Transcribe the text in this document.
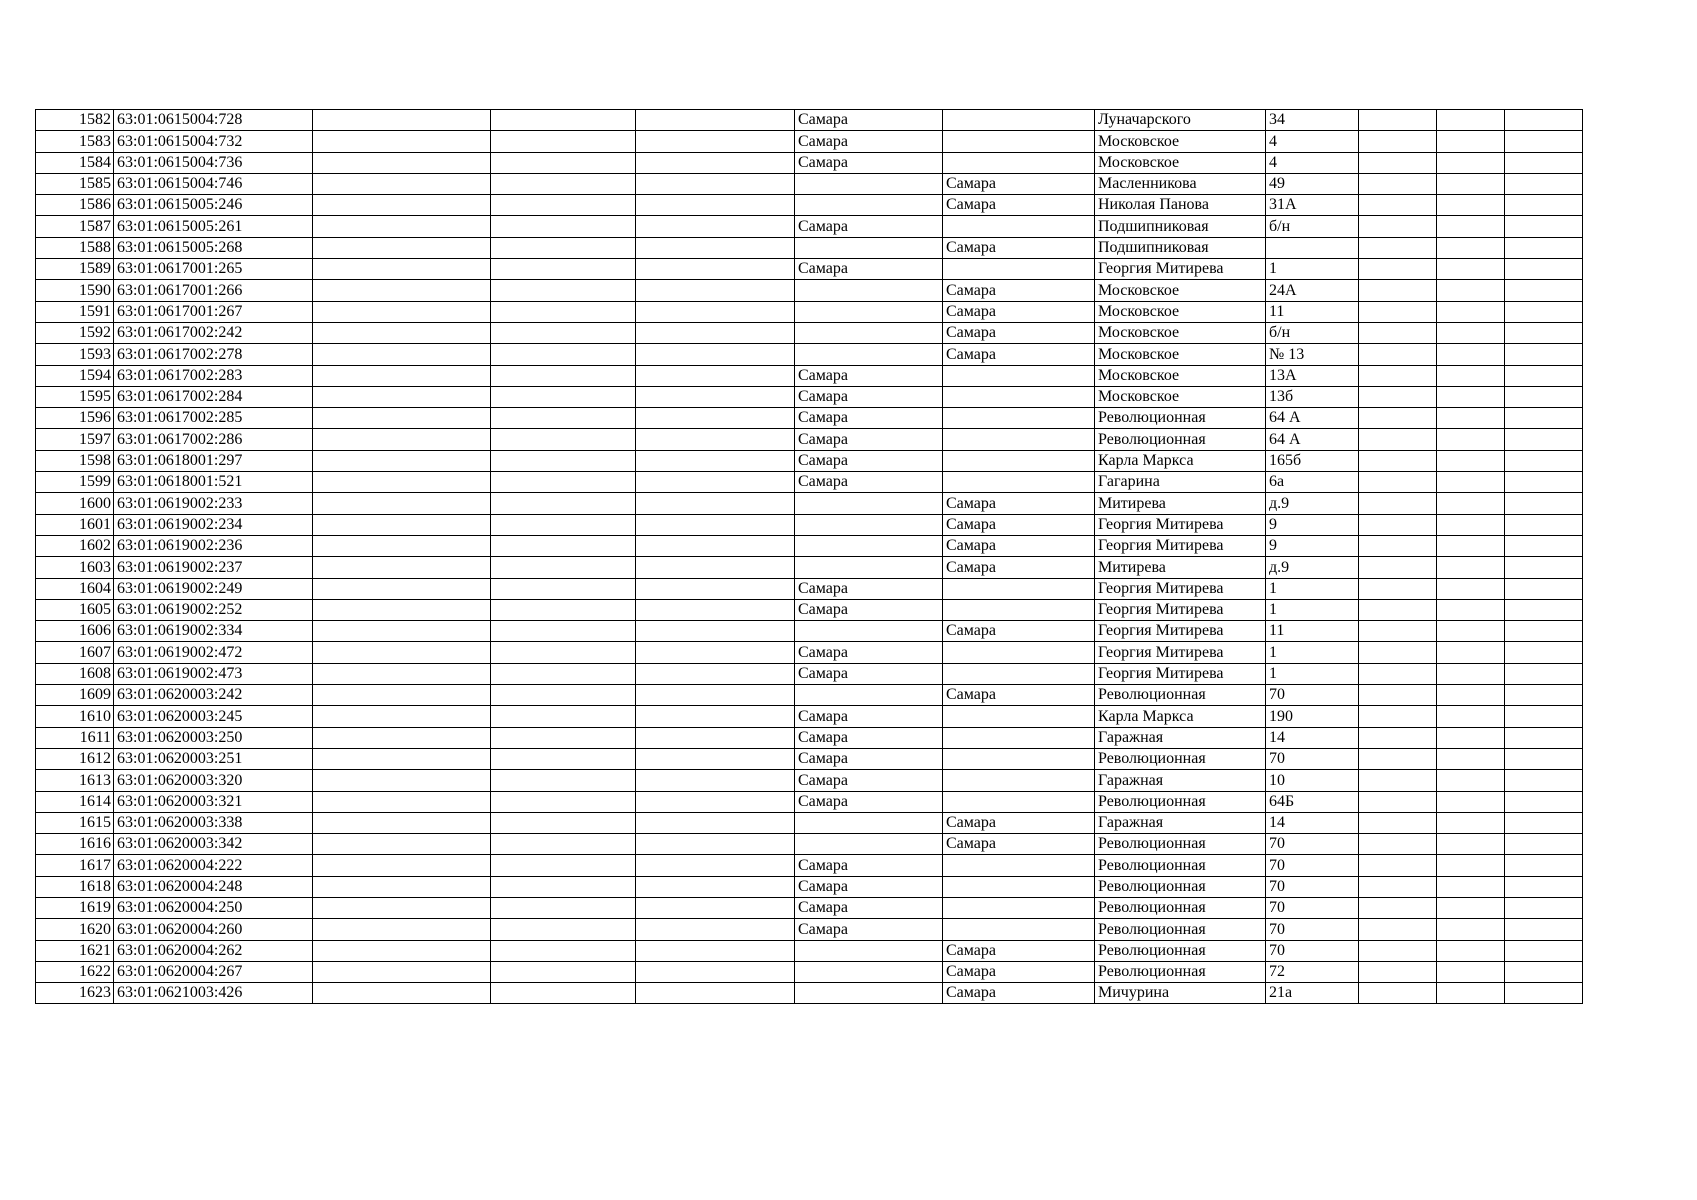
1582	63:01:0615004:728				Самара		Луначарского	34			
1583	63:01:0615004:732				Самара		Московское	4			
1584	63:01:0615004:736				Самара		Московское	4			
1585	63:01:0615004:746					Самара	Масленникова	49			
1586	63:01:0615005:246					Самара	Николая Панова	31А			
1587	63:01:0615005:261				Самара		Подшипниковая	б/н			
1588	63:01:0615005:268					Самара	Подшипниковая				
1589	63:01:0617001:265				Самара		Георгия Митирева	1			
1590	63:01:0617001:266					Самара	Московское	24А			
1591	63:01:0617001:267					Самара	Московское	11			
1592	63:01:0617002:242					Самара	Московское	б/н			
1593	63:01:0617002:278					Самара	Московское	№ 13			
1594	63:01:0617002:283				Самара		Московское	13А			
1595	63:01:0617002:284				Самара		Московское	13б			
1596	63:01:0617002:285				Самара		Революционная	64 А			
1597	63:01:0617002:286				Самара		Революционная	64 А			
1598	63:01:0618001:297				Самара		Карла Маркса	165б			
1599	63:01:0618001:521				Самара		Гагарина	6а			
1600	63:01:0619002:233					Самара	Митирева	д.9			
1601	63:01:0619002:234					Самара	Георгия Митирева	9			
1602	63:01:0619002:236					Самара	Георгия Митирева	9			
1603	63:01:0619002:237					Самара	Митирева	д.9			
1604	63:01:0619002:249				Самара		Георгия Митирева	1			
1605	63:01:0619002:252				Самара		Георгия Митирева	1			
1606	63:01:0619002:334					Самара	Георгия Митирева	11			
1607	63:01:0619002:472				Самара		Георгия Митирева	1			
1608	63:01:0619002:473				Самара		Георгия Митирева	1			
1609	63:01:0620003:242					Самара	Революционная	70			
1610	63:01:0620003:245				Самара		Карла Маркса	190			
1611	63:01:0620003:250				Самара		Гаражная	14			
1612	63:01:0620003:251				Самара		Революционная	70			
1613	63:01:0620003:320				Самара		Гаражная	10			
1614	63:01:0620003:321				Самара		Революционная	64Б			
1615	63:01:0620003:338					Самара	Гаражная	14			
1616	63:01:0620003:342					Самара	Революционная	70			
1617	63:01:0620004:222				Самара		Революционная	70			
1618	63:01:0620004:248				Самара		Революционная	70			
1619	63:01:0620004:250				Самара		Революционная	70			
1620	63:01:0620004:260				Самара		Революционная	70			
1621	63:01:0620004:262					Самара	Революционная	70			
1622	63:01:0620004:267					Самара	Революционная	72			
1623	63:01:0621003:426					Самара	Мичурина	21а			
